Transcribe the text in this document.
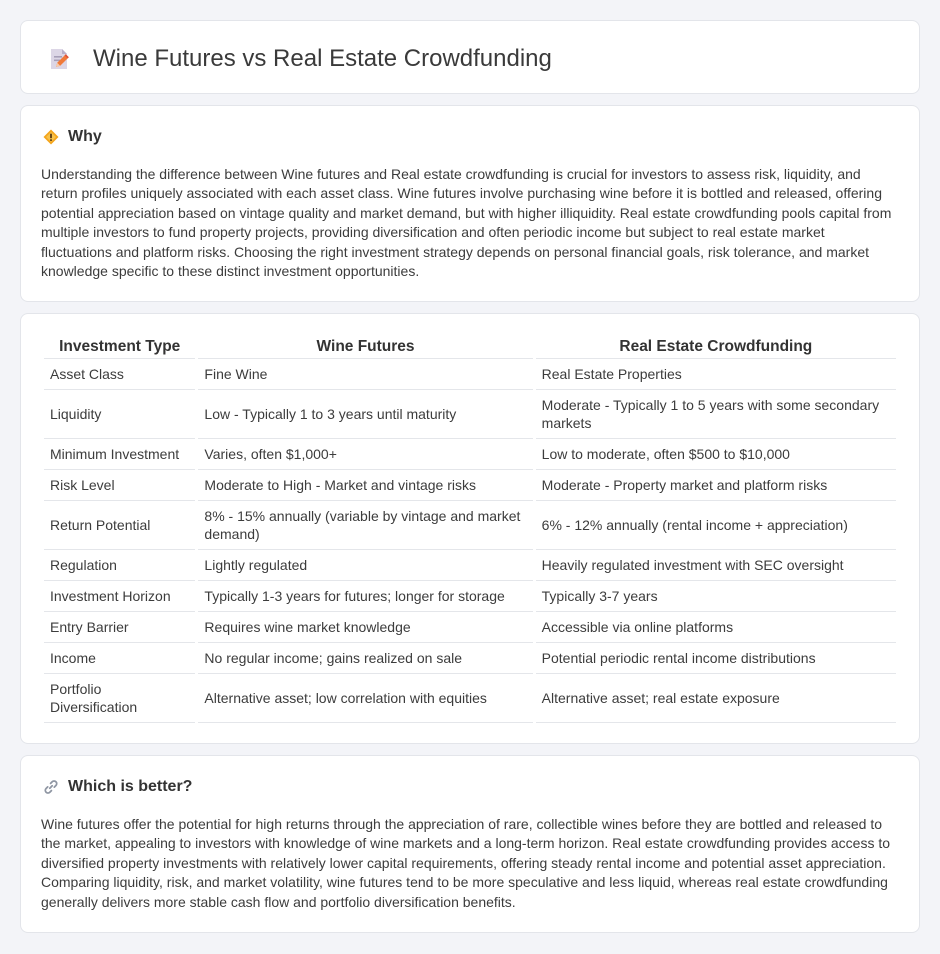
Wine Futures vs Real Estate Crowdfunding
Why

Understanding the difference between Wine futures and Real estate crowdfunding is crucial for investors to assess risk, liquidity, and return profiles uniquely associated with each asset class. Wine futures involve purchasing wine before it is bottled and released, offering potential appreciation based on vintage quality and market demand, but with higher illiquidity. Real estate crowdfunding pools capital from multiple investors to fund property projects, providing diversification and often periodic income but subject to real estate market fluctuations and platform risks. Choosing the right investment strategy depends on personal financial goals, risk tolerance, and market knowledge specific to these distinct investment opportunities.

Investment Type	Wine Futures	Real Estate Crowdfunding
Asset Class	Fine Wine	Real Estate Properties
Liquidity	Low - Typically 1 to 3 years until maturity	Moderate - Typically 1 to 5 years with some secondary markets
Minimum Investment	Varies, often $1,000+	Low to moderate, often $500 to $10,000
Risk Level	Moderate to High - Market and vintage risks	Moderate - Property market and platform risks
Return Potential	8% - 15% annually (variable by vintage and market demand)	6% - 12% annually (rental income + appreciation)
Regulation	Lightly regulated	Heavily regulated investment with SEC oversight
Investment Horizon	Typically 1-3 years for futures; longer for storage	Typically 3-7 years
Entry Barrier	Requires wine market knowledge	Accessible via online platforms
Income	No regular income; gains realized on sale	Potential periodic rental income distributions
Portfolio Diversification	Alternative asset; low correlation with equities	Alternative asset; real estate exposure
Which is better?

Wine futures offer the potential for high returns through the appreciation of rare, collectible wines before they are bottled and released to the market, appealing to investors with knowledge of wine markets and a long-term horizon. Real estate crowdfunding provides access to diversified property investments with relatively lower capital requirements, offering steady rental income and potential asset appreciation. Comparing liquidity, risk, and market volatility, wine futures tend to be more speculative and less liquid, whereas real estate crowdfunding generally delivers more stable cash flow and portfolio diversification benefits.
